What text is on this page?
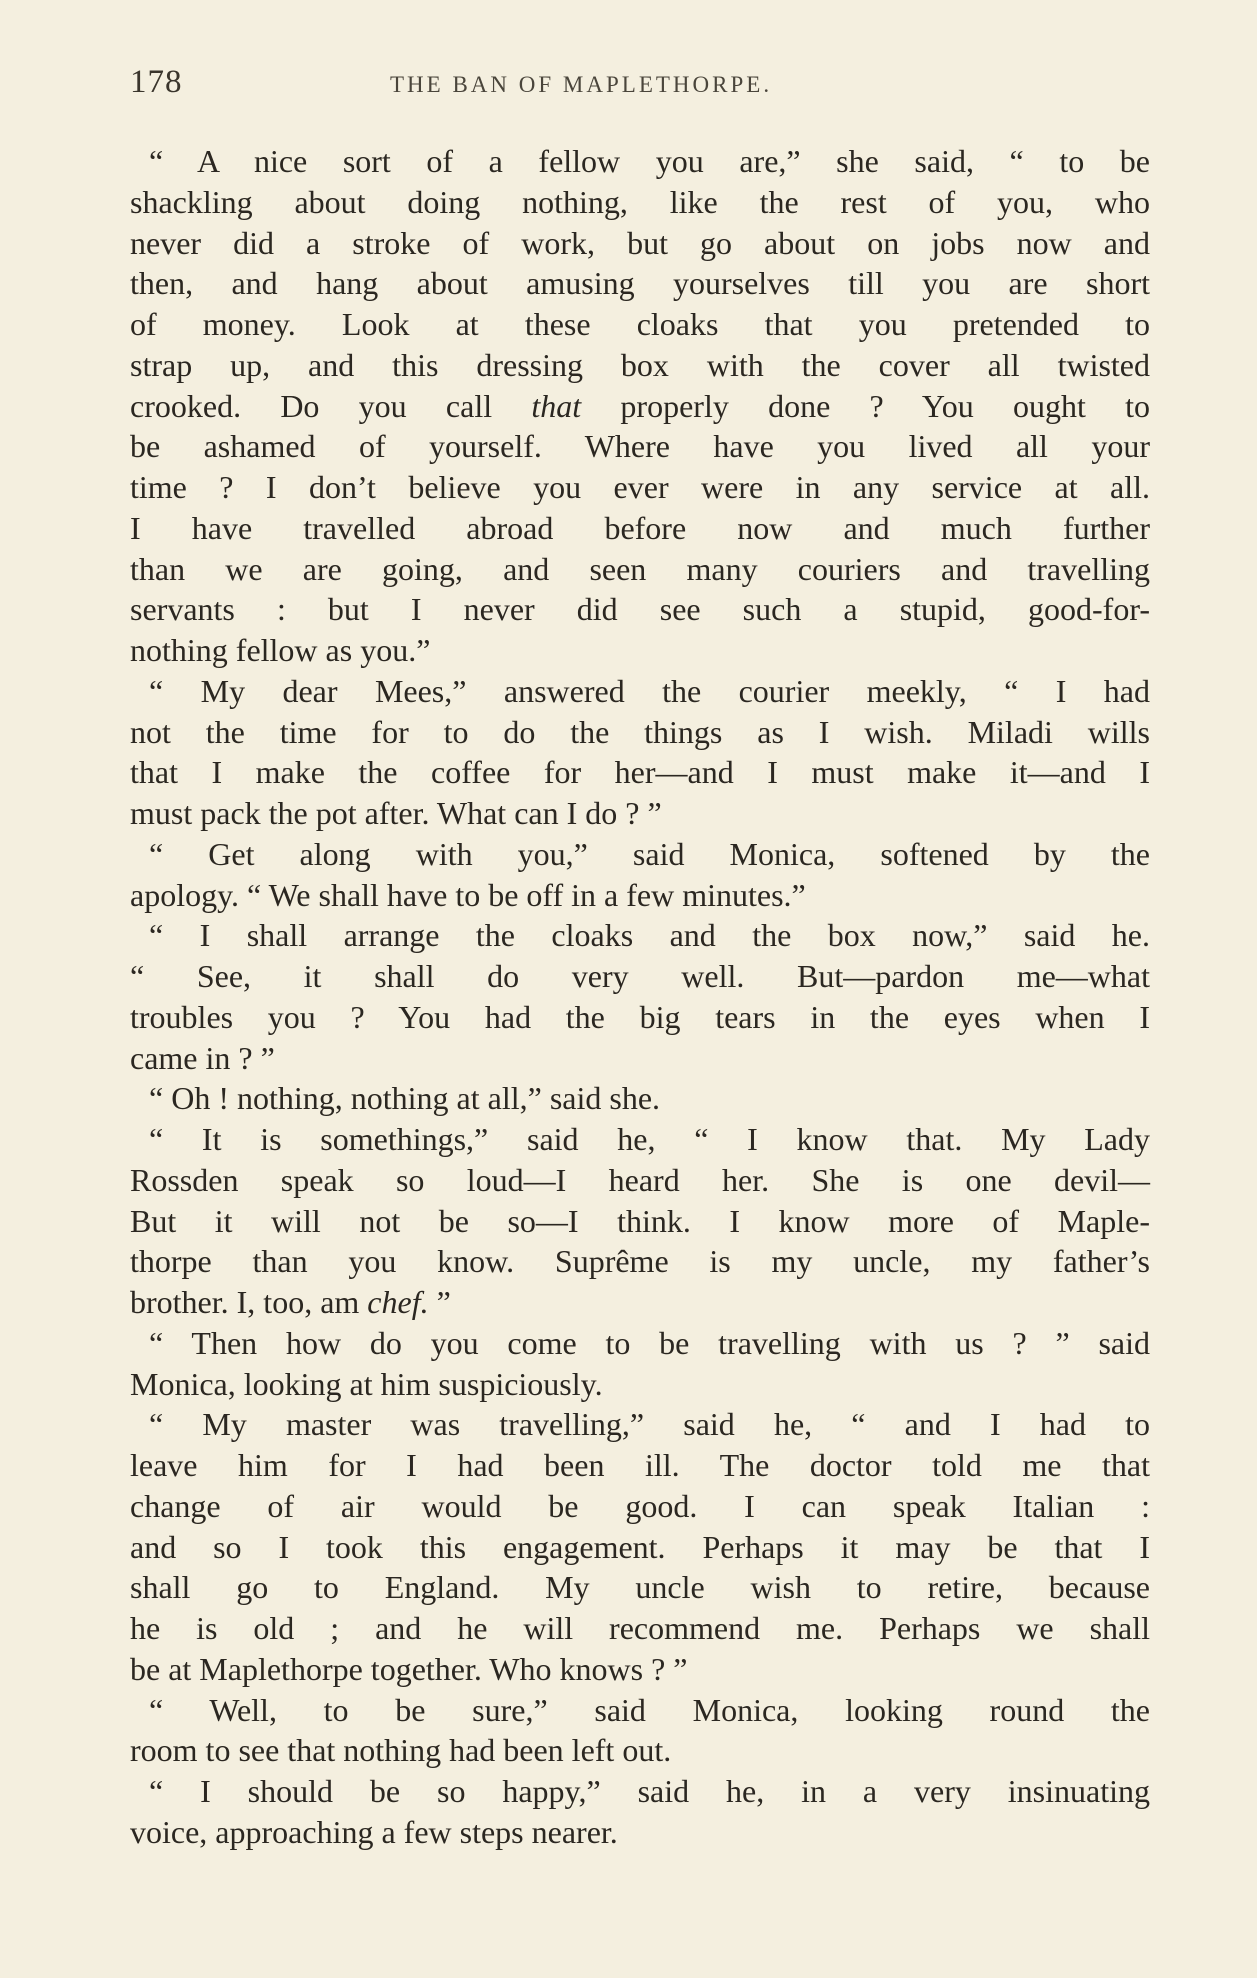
178	THE BAN OF MAPLETHORPE.
“ A nice sort of a fellow you are,” she said, “ to be
shackling about doing nothing, like the rest of you, who
never did a stroke of work, but go about on jobs now and
then, and hang about amusing yourselves till you are short
of money. Look at these cloaks that you pretended to
strap up, and this dressing box with the cover all twisted
crooked. Do you call that properly done ? You ought to
be ashamed of yourself. Where have you lived all your
time ? I don’t believe you ever were in any service at all.
I have travelled abroad before now and much further
than we are going, and seen many couriers and travelling
servants : but I never did see such a stupid, good-for-
nothing fellow as you.”
“ My dear Mees,” answered the courier meekly, “ I had
not the time for to do the things as I wish. Miladi wills
that I make the coffee for her—and I must make it—and I
must pack the pot after. What can I do ? ”
“ Get along with you,” said Monica, softened by the
apology. “ We shall have to be off in a few minutes.”
“ I shall arrange the cloaks and the box now,” said he.
“ See, it shall do very well. But—pardon me—what
troubles you ? You had the big tears in the eyes when I
came in ? ”
“ Oh ! nothing, nothing at all,” said she.
“ It is somethings,” said he, “ I know that. My Lady
Rossden speak so loud—I heard her. She is one devil—
But it will not be so—I think. I know more of Maple-
thorpe than you know. Suprême is my uncle, my father’s
brother. I, too, am chef. ”
“ Then how do you come to be travelling with us ? ” said
Monica, looking at him suspiciously.
“ My master was travelling,” said he, “ and I had to
leave him for I had been ill. The doctor told me that
change of air would be good. I can speak Italian :
and so I took this engagement. Perhaps it may be that I
shall go to England. My uncle wish to retire, because
he is old ; and he will recommend me. Perhaps we shall
be at Maplethorpe together. Who knows ? ”
“ Well, to be sure,” said Monica, looking round the
room to see that nothing had been left out.
“ I should be so happy,” said he, in a very insinuating
voice, approaching a few steps nearer.
